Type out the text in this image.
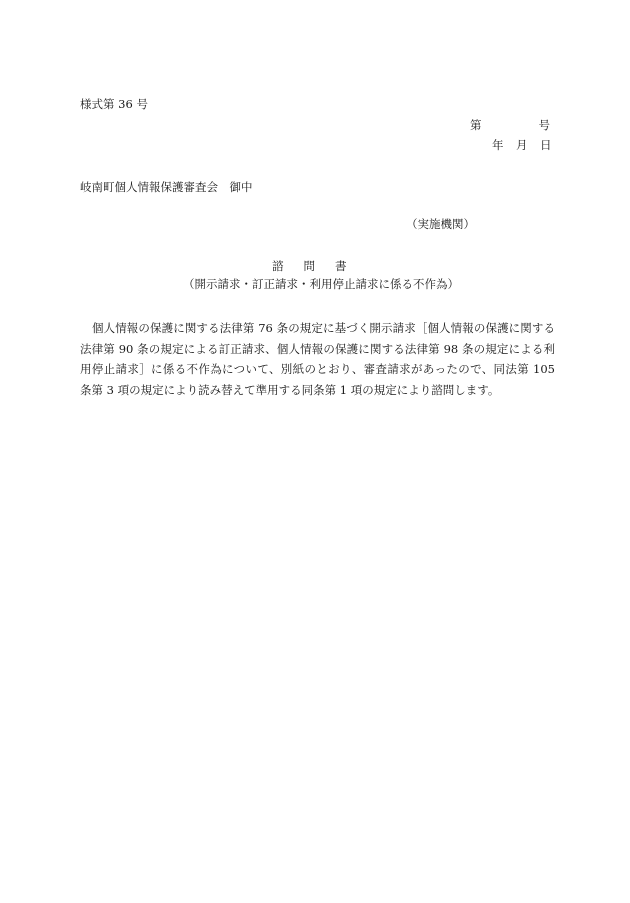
様式第 36 号
第	号
年 月 日
岐南町個人情報保護審査会　御中
（実施機関）
諮 問 書
（開示請求・訂正請求・利用停止請求に係る不作為）
個人情報の保護に関する法律第 76 条の規定に基づく開示請求［個人情報の保護に関する法律第 90 条の規定による訂正請求、個人情報の保護に関する法律第 98 条の規定による利用停止請求］に係る不作為について、別紙のとおり、審査請求があったので、同法第 105 条第 3 項の規定により読み替えて準用する同条第 1 項の規定により諮問します。
